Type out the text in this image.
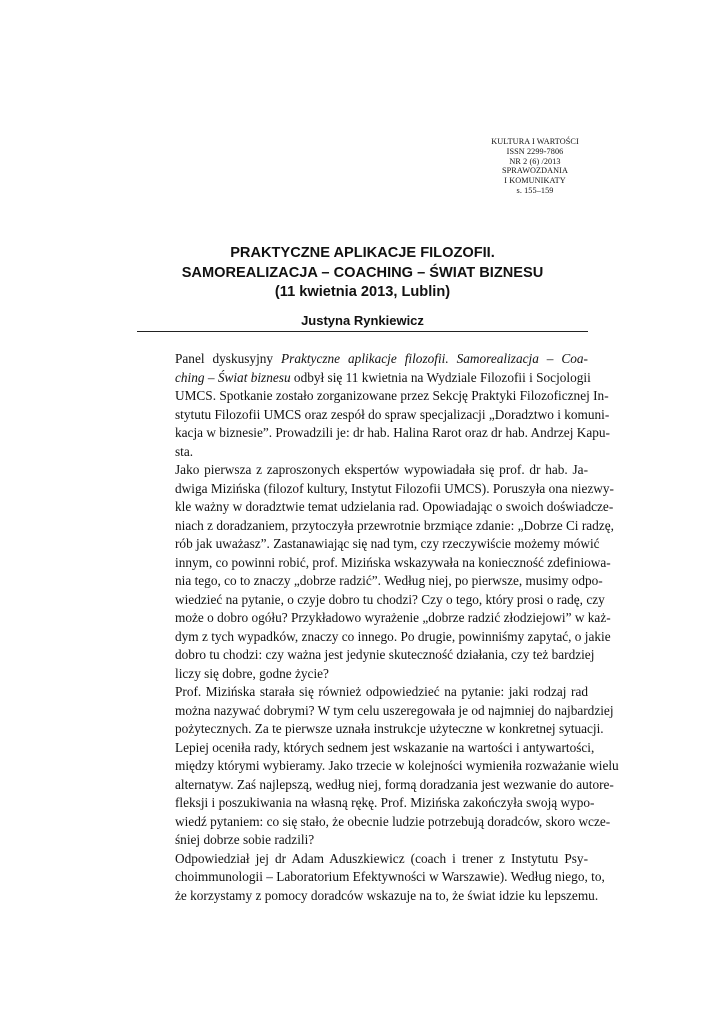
KULTURA I WARTOŚCI
ISSN 2299-7806
NR 2 (6) /2013
SPRAWOZDANIA
I KOMUNIKATY
s. 155–159
PRAKTYCZNE APLIKACJE FILOZOFII.
SAMOREALIZACJA – COACHING – ŚWIAT BIZNESU
(11 kwietnia 2013, Lublin)
Justyna Rynkiewicz

Panel dyskusyjny Praktyczne aplikacje filozofii. Samorealizacja – Coa-
ching – Świat biznesu odbył się 11 kwietnia na Wydziale Filozofii i Socjologii
UMCS. Spotkanie zostało zorganizowane przez Sekcję Praktyki Filozoficznej In-
stytutu Filozofii UMCS oraz zespół do spraw specjalizacji „Doradztwo i komuni-
kacja w biznesie”. Prowadzili je: dr hab. Halina Rarot oraz dr hab. Andrzej Kapu-
sta.

Jako pierwsza z zaproszonych ekspertów wypowiadała się prof. dr hab. Ja-
dwiga Mizińska (filozof kultury, Instytut Filozofii UMCS). Poruszyła ona niezwy-
kle ważny w doradztwie temat udzielania rad. Opowiadając o swoich doświadcze-
niach z doradzaniem, przytoczyła przewrotnie brzmiące zdanie: „Dobrze Ci radzę,
rób jak uważasz”. Zastanawiając się nad tym, czy rzeczywiście możemy mówić
innym, co powinni robić, prof. Mizińska wskazywała na konieczność zdefiniowa-
nia tego, co to znaczy „dobrze radzić”. Według niej, po pierwsze, musimy odpo-
wiedzieć na pytanie, o czyje dobro tu chodzi? Czy o tego, który prosi o radę, czy
może o dobro ogółu? Przykładowo wyrażenie „dobrze radzić złodziejowi” w każ-
dym z tych wypadków, znaczy co innego. Po drugie, powinniśmy zapytać, o jakie
dobro tu chodzi: czy ważna jest jedynie skuteczność działania, czy też bardziej
liczy się dobre, godne życie?

Prof. Mizińska starała się również odpowiedzieć na pytanie: jaki rodzaj rad
można nazywać dobrymi? W tym celu uszeregowała je od najmniej do najbardziej
pożytecznych. Za te pierwsze uznała instrukcje użyteczne w konkretnej sytuacji.
Lepiej oceniła rady, których sednem jest wskazanie na wartości i antywartości,
między którymi wybieramy. Jako trzecie w kolejności wymieniła rozważanie wielu
alternatyw. Zaś najlepszą, według niej, formą doradzania jest wezwanie do autore-
fleksji i poszukiwania na własną rękę. Prof. Mizińska zakończyła swoją wypo-
wiedź pytaniem: co się stało, że obecnie ludzie potrzebują doradców, skoro wcze-
śniej dobrze sobie radzili?

Odpowiedział jej dr Adam Aduszkiewicz (coach i trener z Instytutu Psy-
choimmunologii – Laboratorium Efektywności w Warszawie). Według niego, to,
że korzystamy z pomocy doradców wskazuje na to, że świat idzie ku lepszemu.
